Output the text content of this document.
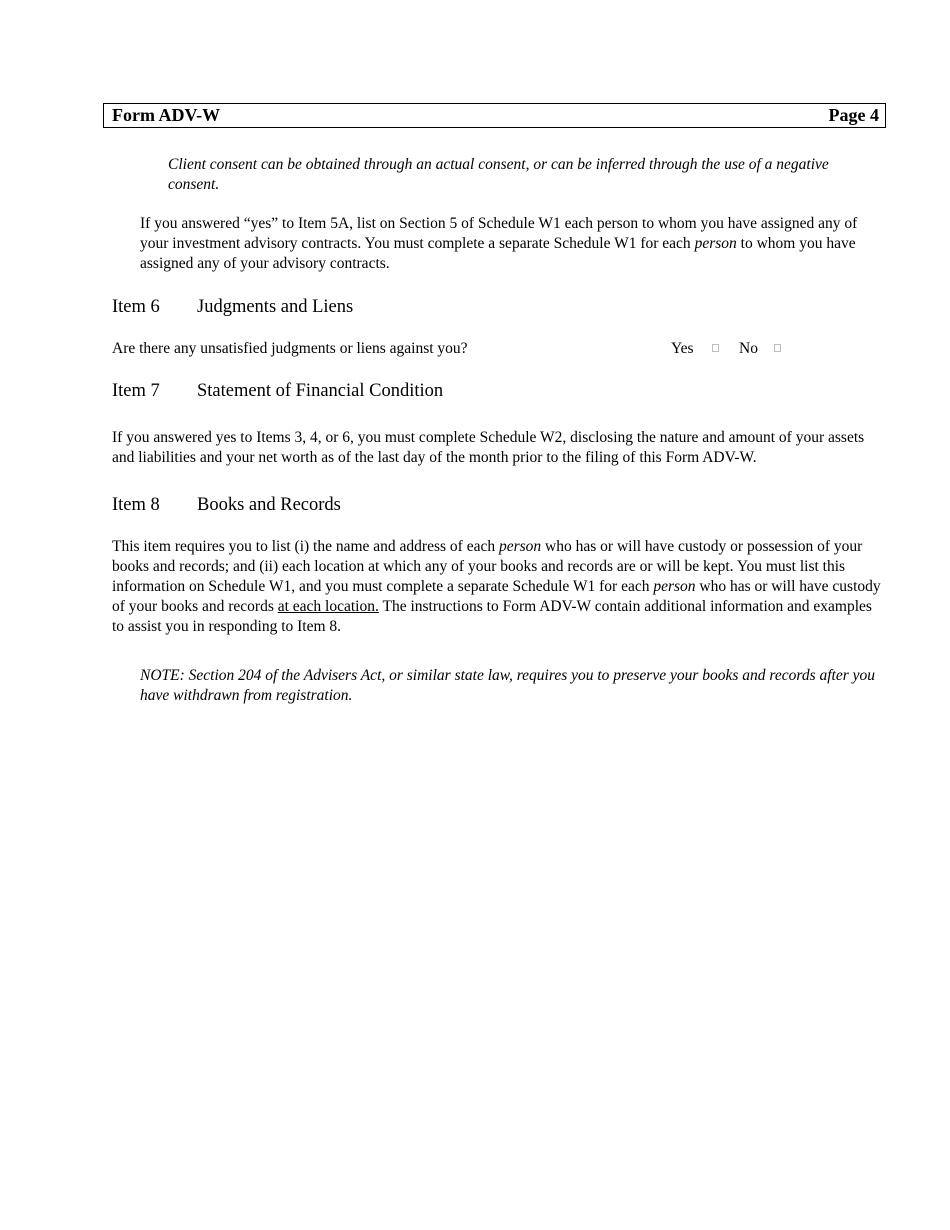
Form ADV-W	Page 4
Client consent can be obtained through an actual consent, or can be inferred through the use of a negative consent.
If you answered “yes” to Item 5A, list on Section 5 of Schedule W1 each person to whom you have assigned any of your investment advisory contracts. You must complete a separate Schedule W1 for each person to whom you have assigned any of your advisory contracts.
Item 6	Judgments and Liens
Are there any unsatisfied judgments or liens against you?	Yes	No
Item 7	Statement of Financial Condition
If you answered yes to Items 3, 4, or 6, you must complete Schedule W2, disclosing the nature and amount of your assets and liabilities and your net worth as of the last day of the month prior to the filing of this Form ADV-W.
Item 8	Books and Records
This item requires you to list (i) the name and address of each person who has or will have custody or possession of your books and records; and (ii) each location at which any of your books and records are or will be kept. You must list this information on Schedule W1, and you must complete a separate Schedule W1 for each person who has or will have custody of your books and records at each location. The instructions to Form ADV-W contain additional information and examples to assist you in responding to Item 8.
NOTE: Section 204 of the Advisers Act, or similar state law, requires you to preserve your books and records after you have withdrawn from registration.
